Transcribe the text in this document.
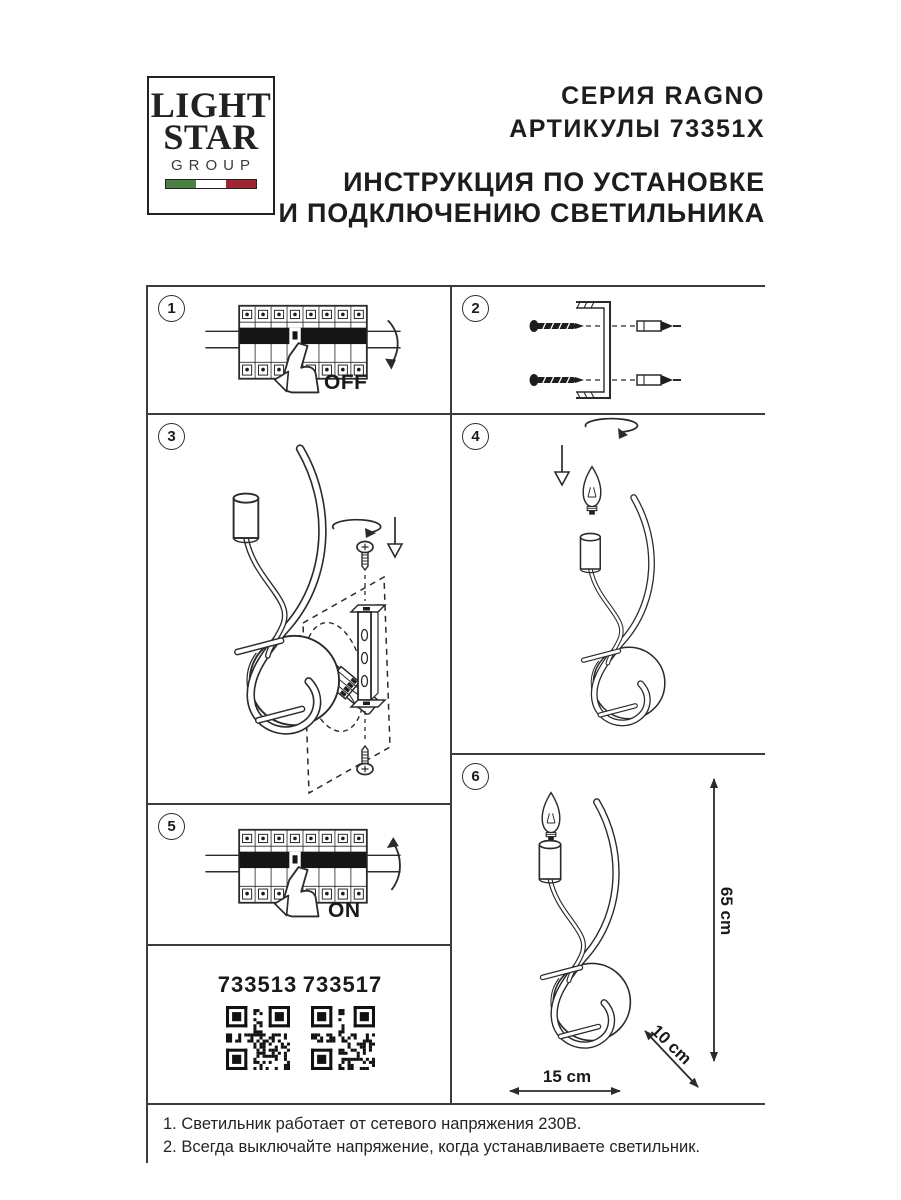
LIGHT
STAR
GROUP
СЕРИЯ RAGNO
АРТИКУЛЫ 73351X
ИНСТРУКЦИЯ ПО УСТАНОВКЕ
И ПОДКЛЮЧЕНИЮ СВЕТИЛЬНИКА
1
OFF
2
3	4
5
ON
6
65 cm
15 cm
10 cm
733513 733517
1. Светильник работает от сетевого напряжения 230В.
2. Всегда выключайте напряжение, когда устанавливаете светильник.
